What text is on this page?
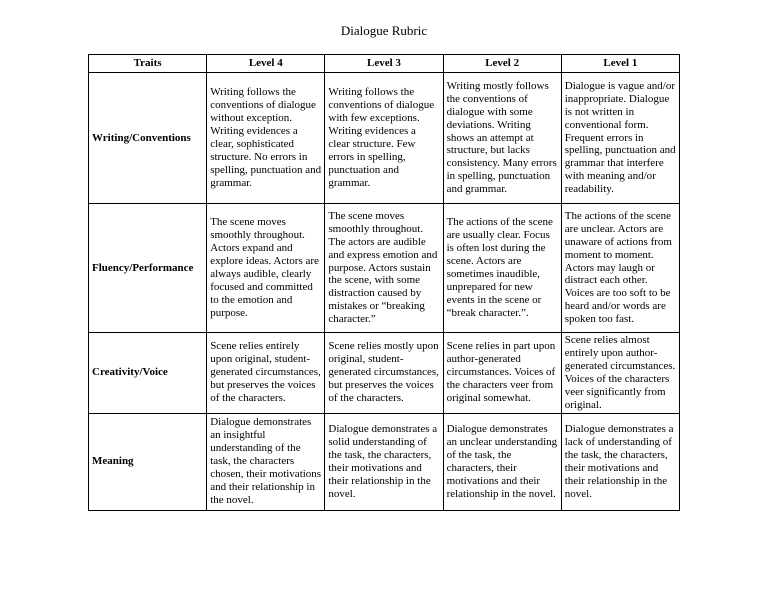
Dialogue Rubric
Traits	Level 4	Level 3	Level 2	Level 1
Writing/Conventions	Writing follows the conventions of dialogue without exception. Writing evidences a clear, sophisticated structure. No errors in spelling, punctuation and grammar.	Writing follows the conventions of dialogue with few exceptions. Writing evidences a clear structure. Few errors in spelling, punctuation and grammar.	Writing mostly follows the conventions of dialogue with some deviations. Writing shows an attempt at structure, but lacks consistency. Many errors in spelling, punctuation and grammar.	Dialogue is vague and/or inappropriate. Dialogue is not written in conventional form. Frequent errors in spelling, punctuation and grammar that interfere with meaning and/or readability.
Fluency/Performance	The scene moves smoothly throughout. Actors expand and explore ideas. Actors are always audible, clearly focused and committed to the emotion and purpose.	The scene moves smoothly throughout. The actors are audible and express emotion and purpose. Actors sustain the scene, with some distraction caused by mistakes or “breaking character.”	The actions of the scene are usually clear. Focus is often lost during the scene. Actors are sometimes inaudible, unprepared for new events in the scene or “break character.”.	The actions of the scene are unclear. Actors are unaware of actions from moment to moment. Actors may laugh or distract each other. Voices are too soft to be heard and/or words are spoken too fast.
Creativity/Voice	Scene relies entirely upon original, student-generated circumstances, but preserves the voices of the characters.	Scene relies mostly upon original, student-generated circumstances, but preserves the voices of the characters.	Scene relies in part upon author-generated circumstances. Voices of the characters veer from original somewhat.	Scene relies almost entirely upon author-generated circumstances. Voices of the characters veer significantly from original.
Meaning	Dialogue demonstrates an insightful understanding of the task, the characters chosen, their motivations and their relationship in the novel.	Dialogue demonstrates a solid understanding of the task, the characters, their motivations and their relationship in the novel.	Dialogue demonstrates an unclear understanding of the task, the characters, their motivations and their relationship in the novel.	Dialogue demonstrates a lack of understanding of the task, the characters, their motivations and their relationship in the novel.
